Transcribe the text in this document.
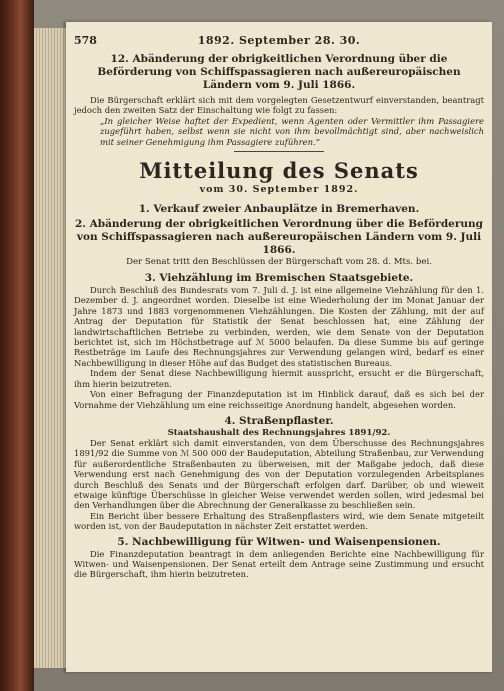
578	1892. September 28. 30.
12. Abänderung der obrigkeitlichen Verordnung über die Beförderung von Schiffspassagieren nach außereuropäischen Ländern vom 9. Juli 1866.

Die Bürgerschaft erklärt sich mit dem vorgelegten Gesetzentwurf einverstanden, beantragt jedoch den zweiten Satz der Einschaltung wie folgt zu fassen:

„In gleicher Weise haftet der Expedient, wenn Agenten oder Vermittler ihm Passagiere zugeführt haben, selbst wenn sie nicht von ihm bevollmächtigt sind, aber nachweislich mit seiner Genehmigung ihm Passagiere zuführen.“

Mitteilung des Senats
vom 30. September 1892.
1. Verkauf zweier Anbauplätze in Bremerhaven.
2. Abänderung der obrigkeitlichen Verordnung über die Beförderung von Schiffspassagieren nach außereuropäischen Ländern vom 9. Juli 1866.
Der Senat tritt den Beschlüssen der Bürgerschaft vom 28. d. Mts. bei.
3. Viehzählung im Bremischen Staatsgebiete.

Durch Beschluß des Bundesrats vom 7. Juli d. J. ist eine allgemeine Viehzählung für den 1. Dezember d. J. angeordnet worden. Dieselbe ist eine Wiederholung der im Monat Januar der Jahre 1873 und 1883 vorgenommenen Viehzählungen. Die Kosten der Zählung, mit der auf Antrag der Deputation für Statistik der Senat beschlossen hat, eine Zählung der landwirtschaftlichen Betriebe zu verbinden, werden, wie dem Senate von der Deputation berichtet ist, sich im Höchstbetrage auf ℳ 5000 belaufen. Da diese Summe bis auf geringe Restbeträge im Laufe des Rechnungsjahres zur Verwendung gelangen wird, bedarf es einer Nachbewilligung in dieser Höhe auf das Budget des statistischen Bureaus.

Indem der Senat diese Nachbewilligung hiermit ausspricht, ersucht er die Bürgerschaft, ihm hierin beizutreten.

Von einer Befragung der Finanzdeputation ist im Hinblick darauf, daß es sich bei der Vornahme der Viehzählung um eine reichsseitige Anordnung handelt, abgesehen worden.

4. Straßenpflaster.
Staatshaushalt des Rechnungsjahres 1891/92.

Der Senat erklärt sich damit einverstanden, von dem Überschusse des Rechnungsjahres 1891/92 die Summe von ℳ 500 000 der Baudeputation, Abteilung Straßenbau, zur Verwendung für außerordentliche Straßenbauten zu überweisen, mit der Maßgabe jedoch, daß diese Verwendung erst nach Genehmigung des von der Deputation vorzulegenden Arbeitsplanes durch Beschluß des Senats und der Bürgerschaft erfolgen darf. Darüber, ob und wieweit etwaige künftige Überschüsse in gleicher Weise verwendet werden sollen, wird jedesmal bei den Verhandlungen über die Abrechnung der Generalkasse zu beschließen sein.

Ein Bericht über bessere Erhaltung des Straßenpflasters wird, wie dem Senate mitgeteilt worden ist, von der Baudeputation in nächster Zeit erstattet werden.

5. Nachbewilligung für Witwen- und Waisenpensionen.

Die Finanzdeputation beantragt in dem anliegenden Berichte eine Nachbewilligung für Witwen- und Waisenpensionen. Der Senat erteilt dem Antrage seine Zustimmung und ersucht die Bürgerschaft, ihm hierin beizutreten.
